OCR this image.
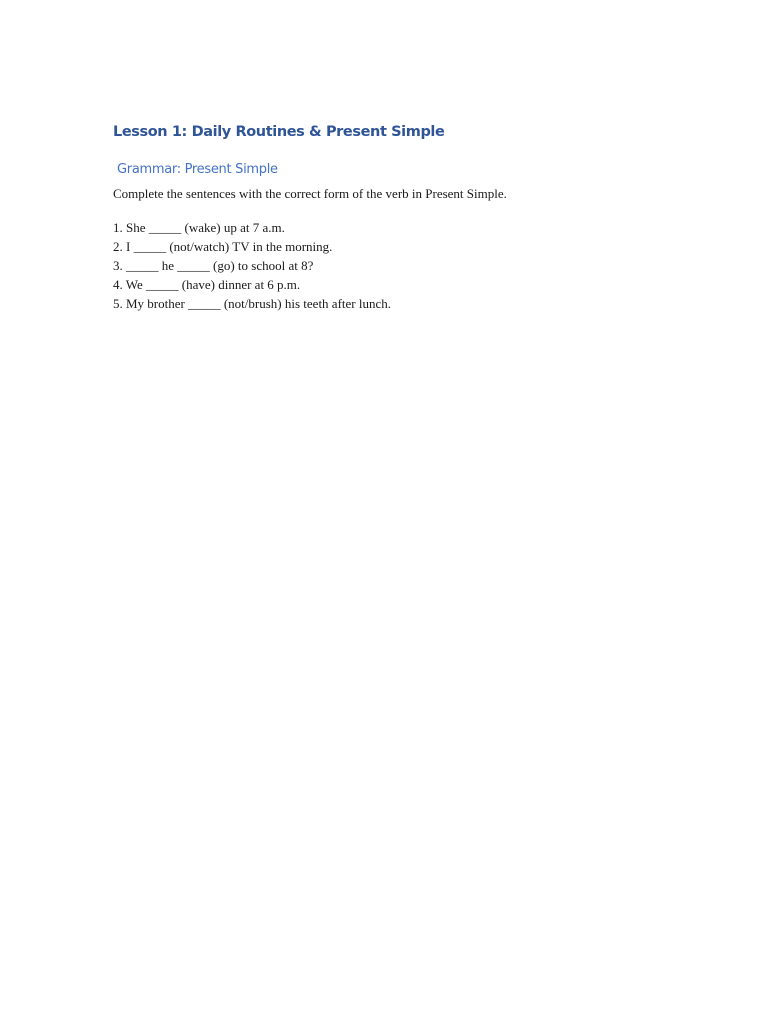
Lesson 1: Daily Routines & Present Simple
Grammar: Present Simple

Complete the sentences with the correct form of the verb in Present Simple.

1. She _____ (wake) up at 7 a.m.
2. I _____ (not/watch) TV in the morning.
3. _____ he _____ (go) to school at 8?
4. We _____ (have) dinner at 6 p.m.
5. My brother _____ (not/brush) his teeth after lunch.
